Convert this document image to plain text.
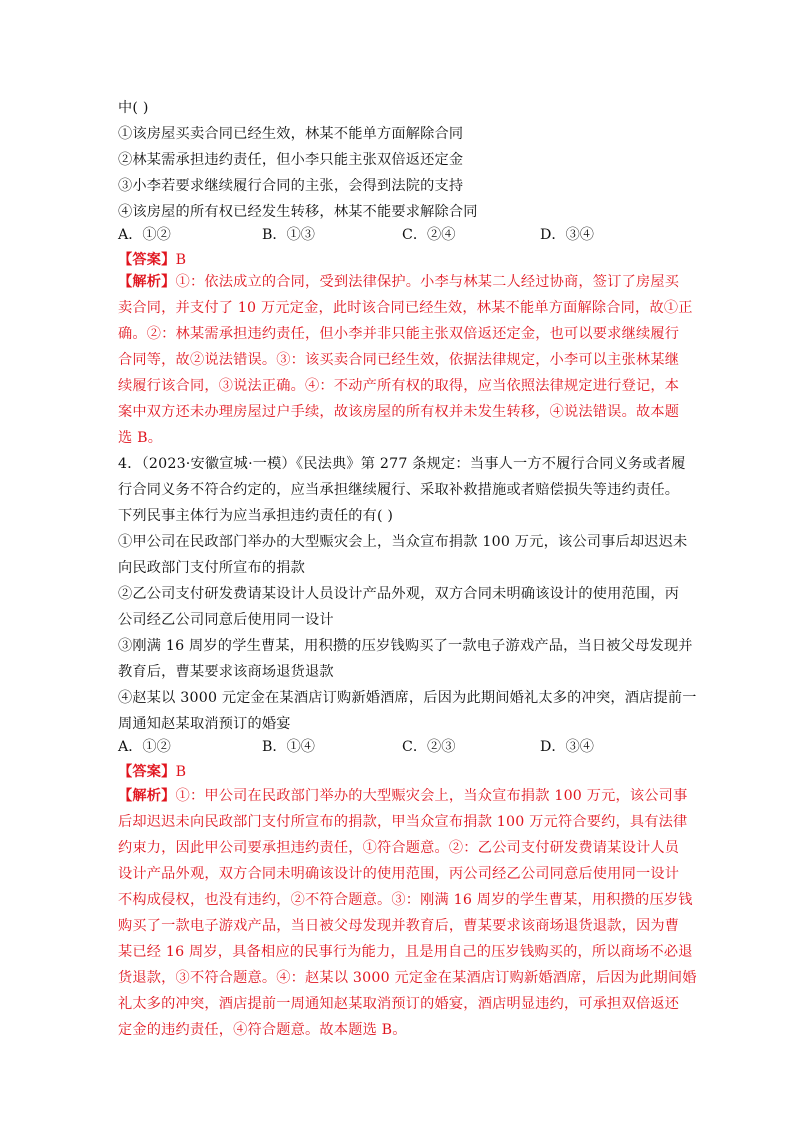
中( )
①该房屋买卖合同已经生效，林某不能单方面解除合同
②林某需承担违约责任，但小李只能主张双倍返还定金
③小李若要求继续履行合同的主张，会得到法院的支持
④该房屋的所有权已经发生转移，林某不能要求解除合同
A．①②	B．①③	C．②④	D．③④
【答案】B
【解析】①：依法成立的合同，受到法律保护。小李与林某二人经过协商，签订了房屋买
卖合同，并支付了 10 万元定金，此时该合同已经生效，林某不能单方面解除合同，故①正
确。②：林某需承担违约责任，但小李并非只能主张双倍返还定金，也可以要求继续履行
合同等，故②说法错误。③：该买卖合同已经生效，依据法律规定，小李可以主张林某继
续履行该合同，③说法正确。④：不动产所有权的取得，应当依照法律规定进行登记，本
案中双方还未办理房屋过户手续，故该房屋的所有权并未发生转移，④说法错误。故本题
选 B。
4．（2023·安徽宣城·一模）《民法典》第 277 条规定：当事人一方不履行合同义务或者履
行合同义务不符合约定的，应当承担继续履行、采取补救措施或者赔偿损失等违约责任。
下列民事主体行为应当承担违约责任的有( )
①甲公司在民政部门举办的大型赈灾会上，当众宣布捐款 100 万元，该公司事后却迟迟未
向民政部门支付所宣布的捐款
②乙公司支付研发费请某设计人员设计产品外观，双方合同未明确该设计的使用范围，丙
公司经乙公司同意后使用同一设计
③刚满 16 周岁的学生曹某，用积攒的压岁钱购买了一款电子游戏产品，当日被父母发现并
教育后，曹某要求该商场退货退款
④赵某以 3000 元定金在某酒店订购新婚酒席，后因为此期间婚礼太多的冲突，酒店提前一
周通知赵某取消预订的婚宴
A．①②	B．①④	C．②③	D．③④
【答案】B
【解析】①：甲公司在民政部门举办的大型赈灾会上，当众宣布捐款 100 万元，该公司事
后却迟迟未向民政部门支付所宣布的捐款，甲当众宣布捐款 100 万元符合要约，具有法律
约束力，因此甲公司要承担违约责任，①符合题意。②：乙公司支付研发费请某设计人员
设计产品外观，双方合同未明确该设计的使用范围，丙公司经乙公司同意后使用同一设计
不构成侵权，也没有违约，②不符合题意。③：刚满 16 周岁的学生曹某，用积攒的压岁钱
购买了一款电子游戏产品，当日被父母发现并教育后，曹某要求该商场退货退款，因为曹
某已经 16 周岁，具备相应的民事行为能力，且是用自己的压岁钱购买的，所以商场不必退
货退款，③不符合题意。④：赵某以 3000 元定金在某酒店订购新婚酒席，后因为此期间婚
礼太多的冲突，酒店提前一周通知赵某取消预订的婚宴，酒店明显违约，可承担双倍返还
定金的违约责任，④符合题意。故本题选 B。
